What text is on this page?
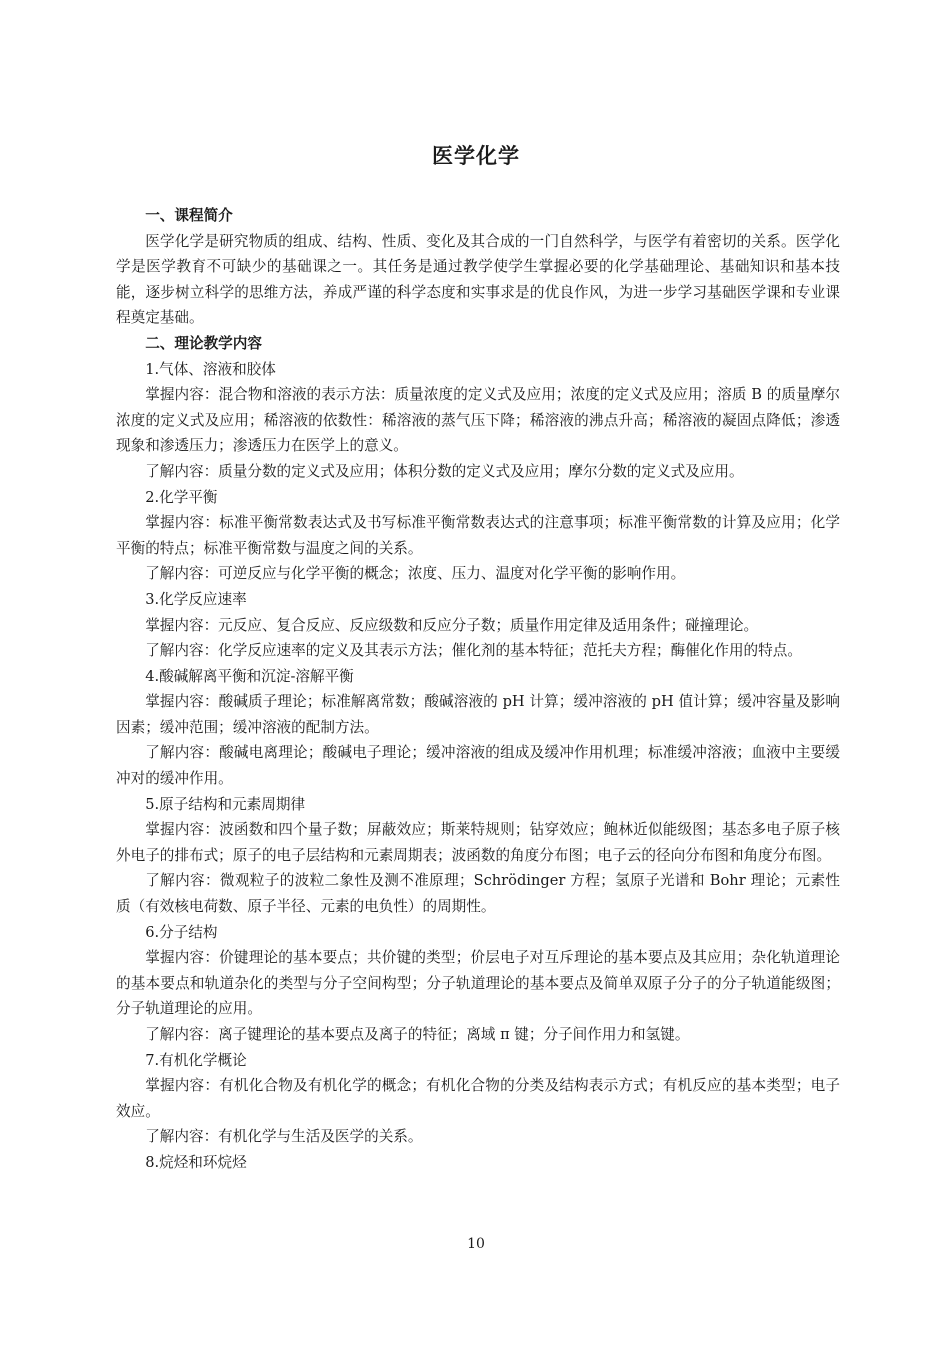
医学化学

一、课程简介

医学化学是研究物质的组成、结构、性质、变化及其合成的一门自然科学，与医学有着密切的关系。医学化学是医学教育不可缺少的基础课之一。其任务是通过教学使学生掌握必要的化学基础理论、基础知识和基本技能，逐步树立科学的思维方法，养成严谨的科学态度和实事求是的优良作风，为进一步学习基础医学课和专业课程奠定基础。

二、理论教学内容

1.气体、溶液和胶体

掌握内容：混合物和溶液的表示方法：质量浓度的定义式及应用；浓度的定义式及应用；溶质 B 的质量摩尔浓度的定义式及应用；稀溶液的依数性：稀溶液的蒸气压下降；稀溶液的沸点升高；稀溶液的凝固点降低；渗透现象和渗透压力；渗透压力在医学上的意义。

了解内容：质量分数的定义式及应用；体积分数的定义式及应用；摩尔分数的定义式及应用。

2.化学平衡

掌握内容：标准平衡常数表达式及书写标准平衡常数表达式的注意事项；标准平衡常数的计算及应用；化学平衡的特点；标准平衡常数与温度之间的关系。

了解内容：可逆反应与化学平衡的概念；浓度、压力、温度对化学平衡的影响作用。

3.化学反应速率

掌握内容：元反应、复合反应、反应级数和反应分子数；质量作用定律及适用条件；碰撞理论。

了解内容：化学反应速率的定义及其表示方法；催化剂的基本特征；范托夫方程；酶催化作用的特点。

4.酸碱解离平衡和沉淀-溶解平衡

掌握内容：酸碱质子理论；标准解离常数；酸碱溶液的 pH 计算；缓冲溶液的 pH 值计算；缓冲容量及影响因素；缓冲范围；缓冲溶液的配制方法。

了解内容：酸碱电离理论；酸碱电子理论；缓冲溶液的组成及缓冲作用机理；标准缓冲溶液；血液中主要缓冲对的缓冲作用。

5.原子结构和元素周期律

掌握内容：波函数和四个量子数；屏蔽效应；斯莱特规则；钻穿效应；鲍林近似能级图；基态多电子原子核外电子的排布式；原子的电子层结构和元素周期表；波函数的角度分布图；电子云的径向分布图和角度分布图。

了解内容：微观粒子的波粒二象性及测不准原理；Schrödinger 方程；氢原子光谱和 Bohr 理论；元素性质（有效核电荷数、原子半径、元素的电负性）的周期性。

6.分子结构

掌握内容：价键理论的基本要点；共价键的类型；价层电子对互斥理论的基本要点及其应用；杂化轨道理论的基本要点和轨道杂化的类型与分子空间构型；分子轨道理论的基本要点及简单双原子分子的分子轨道能级图；分子轨道理论的应用。

了解内容：离子键理论的基本要点及离子的特征；离域 π 键；分子间作用力和氢键。

7.有机化学概论

掌握内容：有机化合物及有机化学的概念；有机化合物的分类及结构表示方式；有机反应的基本类型；电子效应。

了解内容：有机化学与生活及医学的关系。

8.烷烃和环烷烃

10
